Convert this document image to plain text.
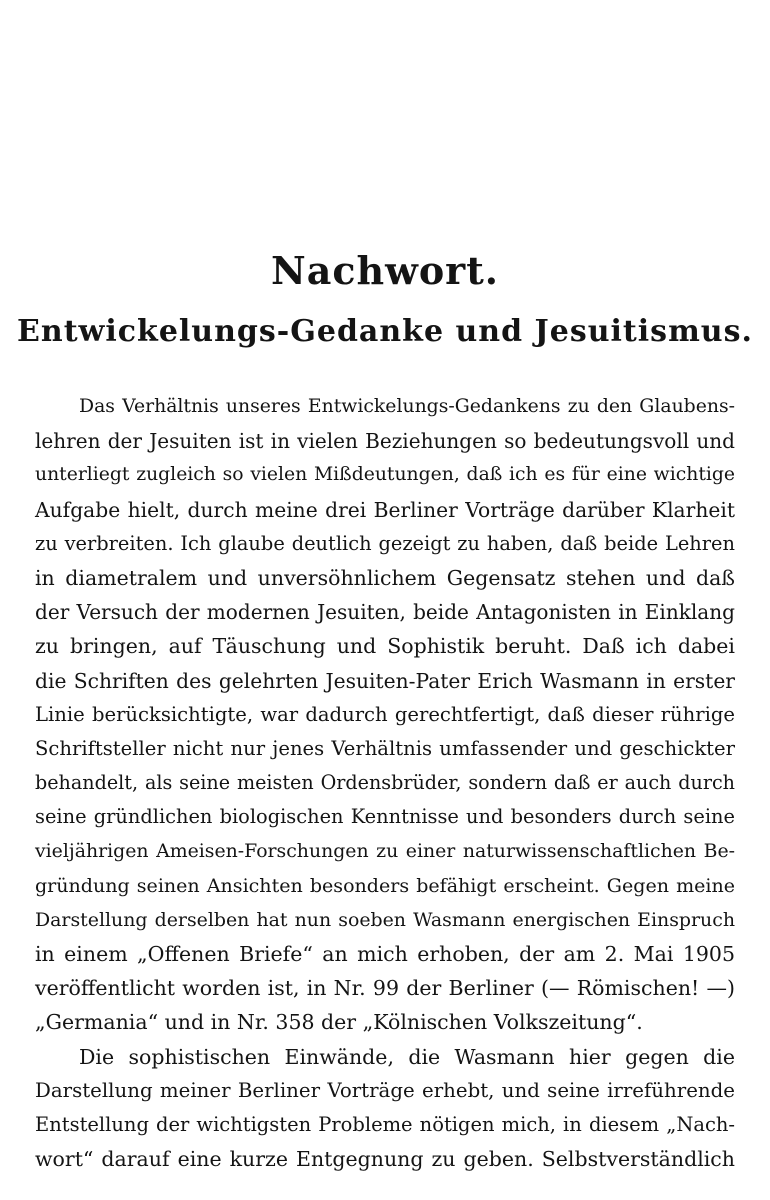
Nachwort.
Entwickelungs-Gedanke und Jesuitismus.
Das Verhältnis unseres Entwickelungs-Gedankens zu den Glaubens-
lehren der Jesuiten ist in vielen Beziehungen so bedeutungsvoll und
unterliegt zugleich so vielen Mißdeutungen, daß ich es für eine wichtige
Aufgabe hielt, durch meine drei Berliner Vorträge darüber Klarheit
zu verbreiten. Ich glaube deutlich gezeigt zu haben, daß beide Lehren
in diametralem und unversöhnlichem Gegensatz stehen und daß
der Versuch der modernen Jesuiten, beide Antagonisten in Einklang
zu bringen, auf Täuschung und Sophistik beruht. Daß ich dabei
die Schriften des gelehrten Jesuiten-Pater Erich Wasmann in erster
Linie berücksichtigte, war dadurch gerechtfertigt, daß dieser rührige
Schriftsteller nicht nur jenes Verhältnis umfassender und geschickter
behandelt, als seine meisten Ordensbrüder, sondern daß er auch durch
seine gründlichen biologischen Kenntnisse und besonders durch seine
vieljährigen Ameisen-Forschungen zu einer naturwissenschaftlichen Be-
gründung seinen Ansichten besonders befähigt erscheint. Gegen meine
Darstellung derselben hat nun soeben Wasmann energischen Einspruch
in einem „Offenen Briefe“ an mich erhoben, der am 2. Mai 1905
veröffentlicht worden ist, in Nr. 99 der Berliner (— Römischen! —)
„Germania“ und in Nr. 358 der „Kölnischen Volkszeitung“.
Die sophistischen Einwände, die Wasmann hier gegen die
Darstellung meiner Berliner Vorträge erhebt, und seine irreführende
Entstellung der wichtigsten Probleme nötigen mich, in diesem „Nach-
wort“ darauf eine kurze Entgegnung zu geben. Selbstverständlich
